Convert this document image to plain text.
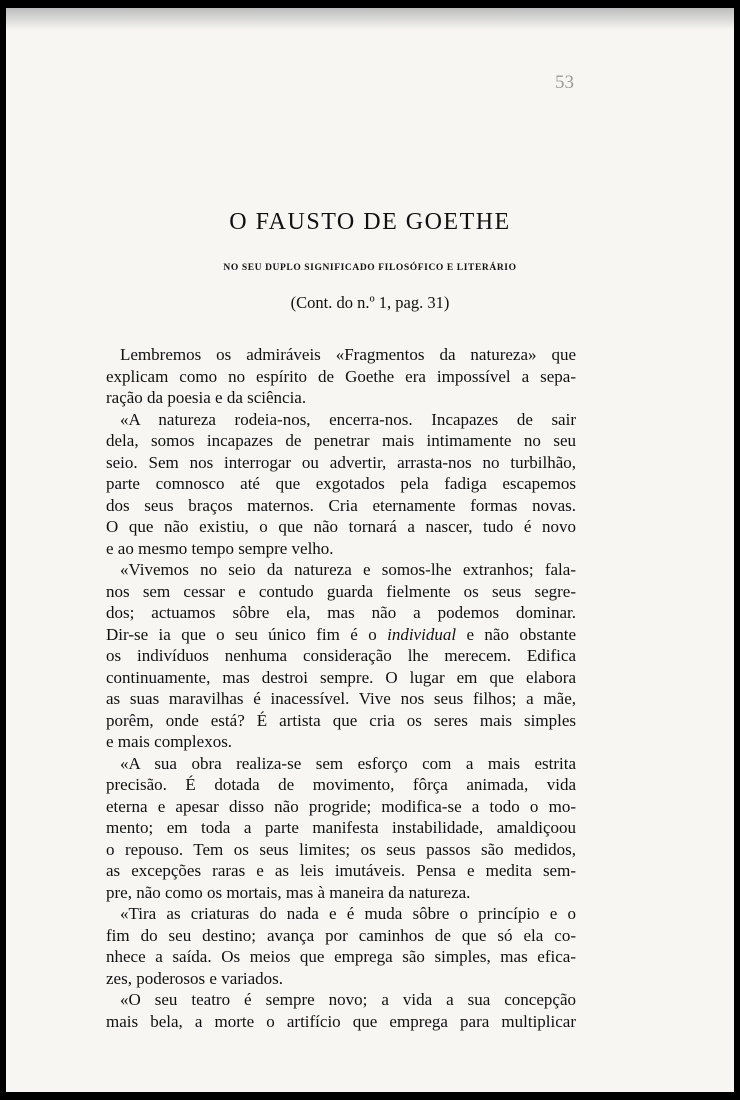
53
O FAUSTO DE GOETHE
NO SEU DUPLO SIGNIFICADO FILOSÓFICO E LITERÁRIO
(Cont. do n.º 1, pag. 31)
Lembremos os admiráveis «Fragmentos da natureza» que
explicam como no espírito de Goethe era impossível a sepa-
ração da poesia e da sciência.
«A natureza rodeia-nos, encerra-nos. Incapazes de sair
dela, somos incapazes de penetrar mais intimamente no seu
seio. Sem nos interrogar ou advertir, arrasta-nos no turbilhão,
parte comnosco até que exgotados pela fadiga escapemos
dos seus braços maternos. Cria eternamente formas novas.
O que não existiu, o que não tornará a nascer, tudo é novo
e ao mesmo tempo sempre velho.
«Vivemos no seio da natureza e somos-lhe extranhos; fala-
nos sem cessar e contudo guarda fielmente os seus segre-
dos; actuamos sôbre ela, mas não a podemos dominar.
Dir-se ia que o seu único fim é o individual e não obstante
os indivíduos nenhuma consideração lhe merecem. Edifica
continuamente, mas destroi sempre. O lugar em que elabora
as suas maravilhas é inacessível. Vive nos seus filhos; a mãe,
porêm, onde está? É artista que cria os seres mais simples
e mais complexos.
«A sua obra realiza-se sem esforço com a mais estrita
precisão. É dotada de movimento, fôrça animada, vida
eterna e apesar disso não progride; modifica-se a todo o mo-
mento; em toda a parte manifesta instabilidade, amaldiçoou
o repouso. Tem os seus limites; os seus passos são medidos,
as excepções raras e as leis imutáveis. Pensa e medita sem-
pre, não como os mortais, mas à maneira da natureza.
«Tira as criaturas do nada e é muda sôbre o princípio e o
fim do seu destino; avança por caminhos de que só ela co-
nhece a saída. Os meios que emprega são simples, mas efica-
zes, poderosos e variados.
«O seu teatro é sempre novo; a vida a sua concepção
mais bela, a morte o artifício que emprega para multiplicar
